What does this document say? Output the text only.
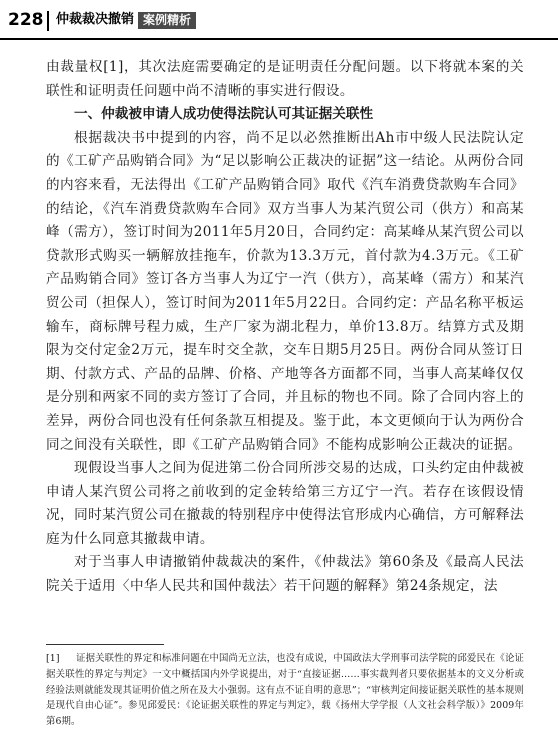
228 仲裁裁决撤销 案例精析

由裁量权[1]，其次法庭需要确定的是证明责任分配问题。以下将就本案的关联性和证明责任问题中尚不清晰的事实进行假设。

一、仲裁被申请人成功使得法院认可其证据关联性

根据裁决书中提到的内容，尚不足以必然推断出Ah市中级人民法院认定的《工矿产品购销合同》为“足以影响公正裁决的证据”这一结论。从两份合同的内容来看，无法得出《工矿产品购销合同》取代《汽车消费贷款购车合同》的结论，《汽车消费贷款购车合同》双方当事人为某汽贸公司（供方）和高某峰（需方），签订时间为2011年5月20日，合同约定：高某峰从某汽贸公司以贷款形式购买一辆解放挂拖车，价款为13.3万元，首付款为4.3万元。《工矿产品购销合同》签订各方当事人为辽宁一汽（供方），高某峰（需方）和某汽贸公司（担保人），签订时间为2011年5月22日。合同约定：产品名称平板运输车，商标牌号程力威，生产厂家为湖北程力，单价13.8万。结算方式及期限为交付定金2万元，提车时交全款，交车日期5月25日。两份合同从签订日期、付款方式、产品的品牌、价格、产地等各方面都不同，当事人高某峰仅仅是分别和两家不同的卖方签订了合同，并且标的物也不同。除了合同内容上的差异，两份合同也没有任何条款互相提及。鉴于此，本文更倾向于认为两份合同之间没有关联性，即《工矿产品购销合同》不能构成影响公正裁决的证据。

现假设当事人之间为促进第二份合同所涉交易的达成，口头约定由仲裁被申请人某汽贸公司将之前收到的定金转给第三方辽宁一汽。若存在该假设情况，同时某汽贸公司在撤裁的特别程序中使得法官形成内心确信，方可解释法庭为什么同意其撤裁申请。

对于当事人申请撤销仲裁裁决的案件，《仲裁法》第60条及《最高人民法院关于适用〈中华人民共和国仲裁法〉若干问题的解释》第24条规定，法

[1] 证据关联性的界定和标准问题在中国尚无立法，也没有成说，中国政法大学刑事司法学院的邱爱民在《论证据关联性的界定与判定》一文中概括国内外学说提出，对于“直接证据……事实裁判者只要依据基本的文义分析或经验法则就能发现其证明价值之所在及大小强弱。这有点不证自明的意思”；“审核判定间接证据关联性的基本规则是现代自由心证”。参见邱爱民：《论证据关联性的界定与判定》，载《扬州大学学报（人文社会科学版）》2009年第6期。
